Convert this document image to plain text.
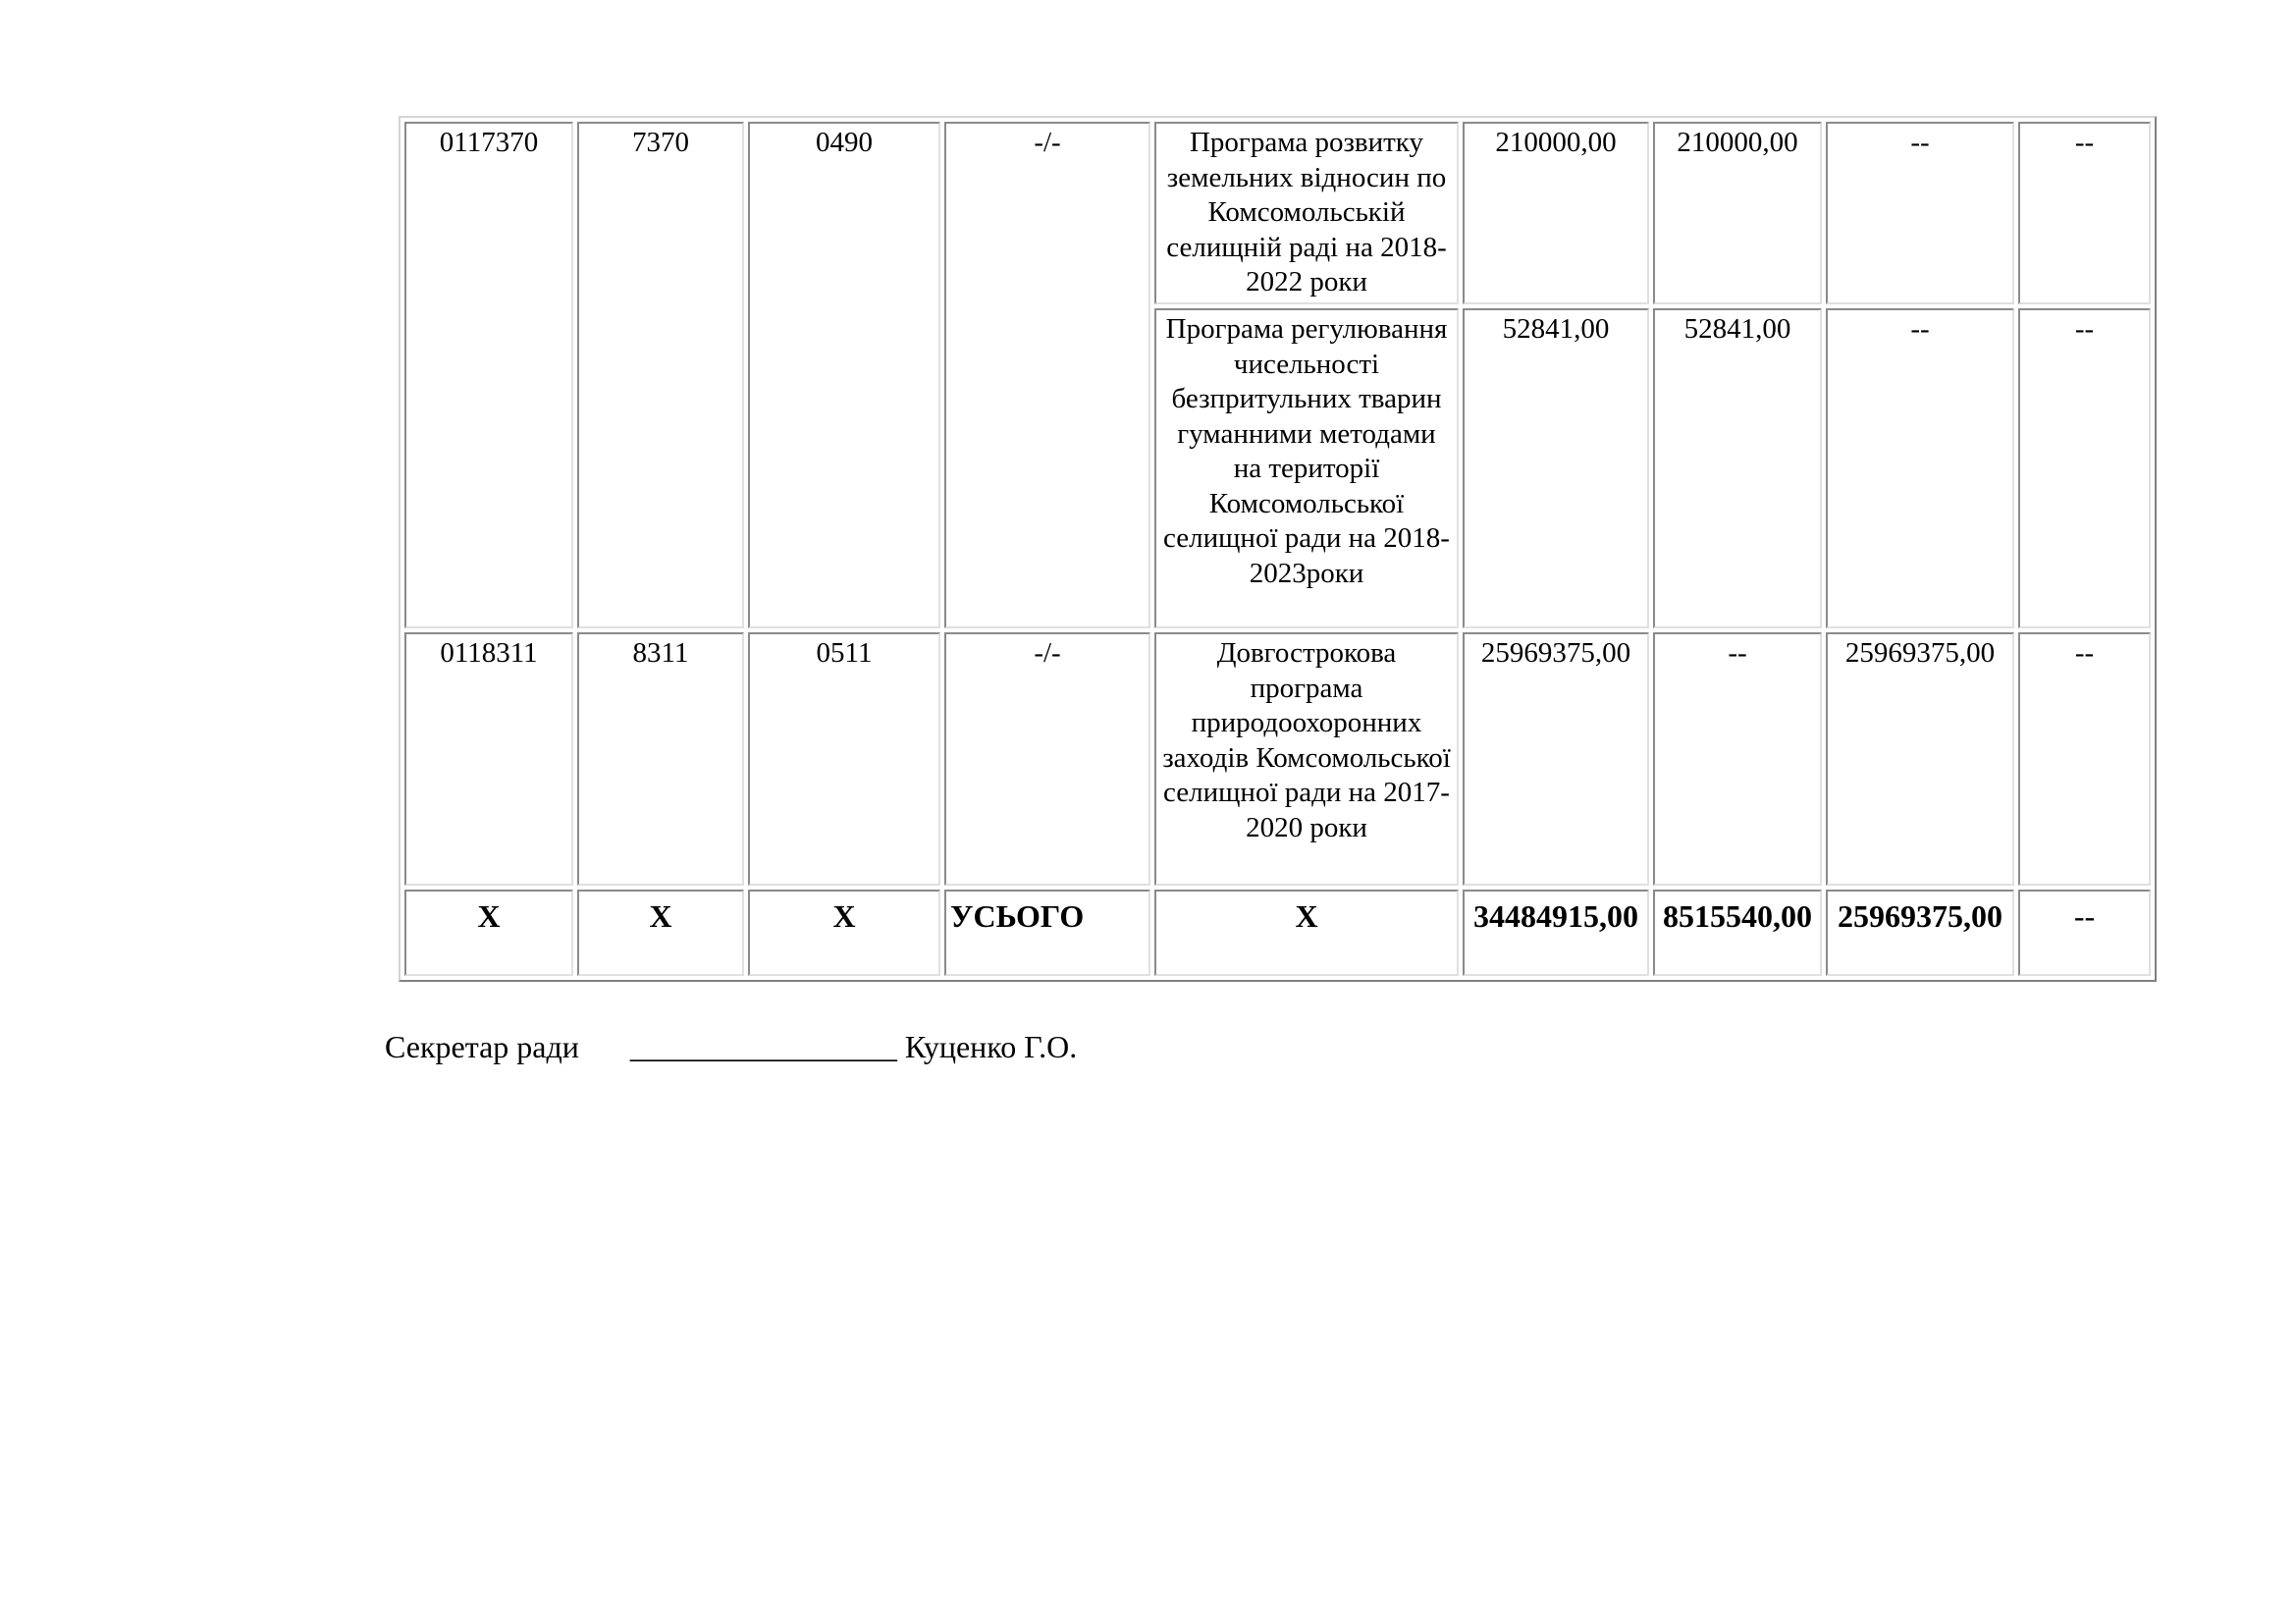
0117370	7370	0490	-/-	Програма розвитку земельних відносин по Комсомольській селищній раді на 2018-2022 роки	210000,00	210000,00	--	--
				Програма регулювання чисельності безпритульних тварин гуманними методами на території Комсомольської селищної ради на 2018-2023роки	52841,00	52841,00	--	--
0118311	8311	0511	-/-	Довгострокова програма природоохоронних заходів Комсомольської селищної ради на 2017-2020 роки	25969375,00	--	25969375,00	--
Х	Х	Х	УСЬОГО	Х	34484915,00	8515540,00	25969375,00	--
Секретар ради _________________ Куценко Г.О.
